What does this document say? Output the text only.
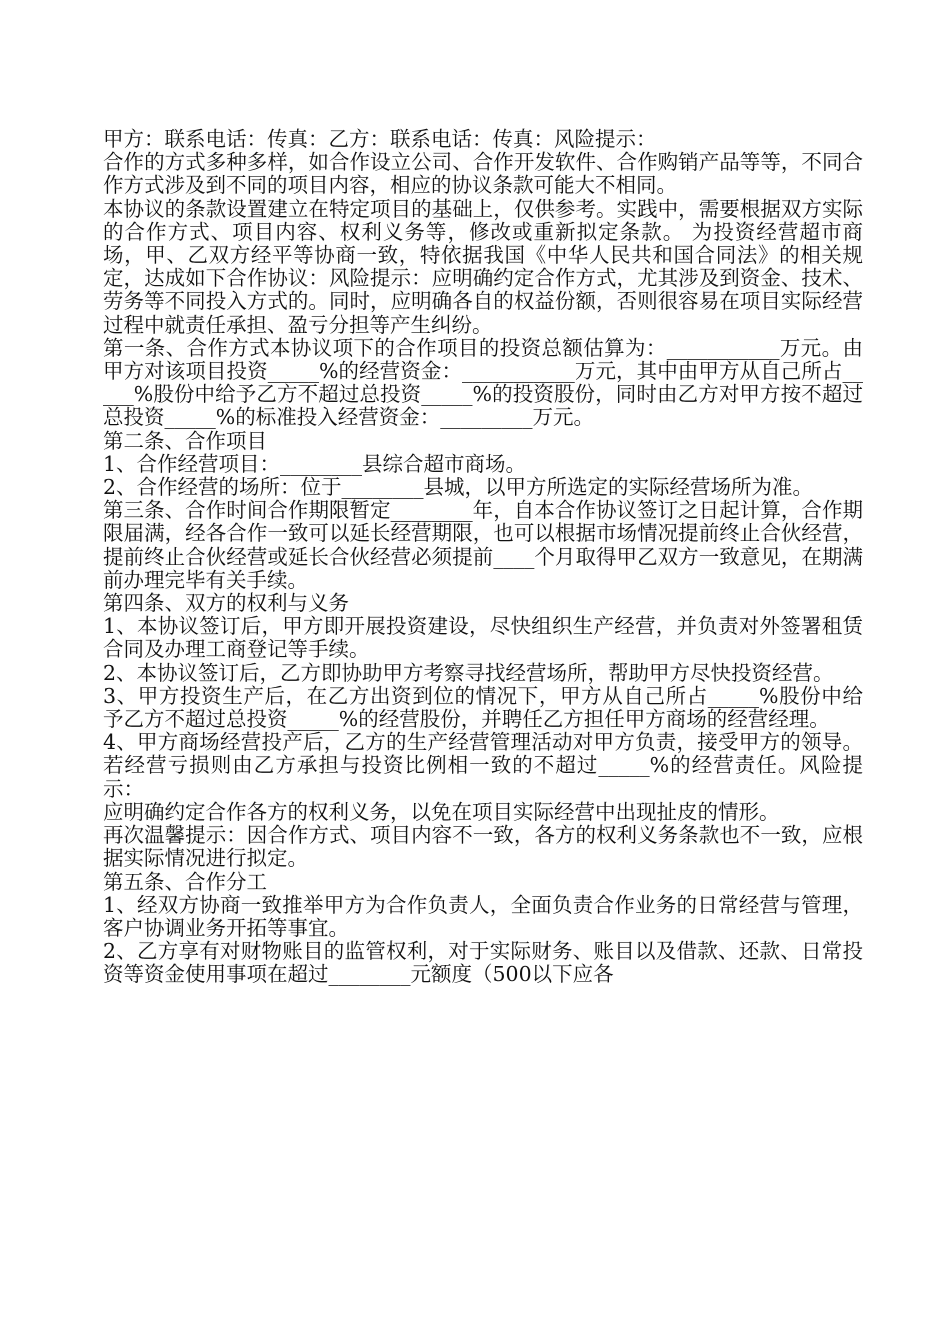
甲方：联系电话：传真：乙方：联系电话：传真：风险提示：

合作的方式多种多样，如合作设立公司、合作开发软件、合作购销产品等等，不同合作方式涉及到不同的项目内容，相应的协议条款可能大不相同。

本协议的条款设置建立在特定项目的基础上，仅供参考。实践中，需要根据双方实际的合作方式、项目内容、权利义务等，修改或重新拟定条款。 为投资经营超市商场，甲、乙双方经平等协商一致，特依据我国《中华人民共和国合同法》的相关规定，达成如下合作协议：风险提示：应明确约定合作方式，尤其涉及到资金、技术、劳务等不同投入方式的。同时，应明确各自的权益份额，否则很容易在项目实际经营过程中就责任承担、盈亏分担等产生纠纷。

第一条、合作方式本协议项下的合作项目的投资总额估算为：___________万元。由甲方对该项目投资_____%的经营资金：___________万元，其中由甲方从自己所占_____%股份中给予乙方不超过总投资_____%的投资股份，同时由乙方对甲方按不超过总投资_____%的标准投入经营资金：_________万元。

第二条、合作项目

1、合作经营项目：________县综合超市商场。

2、合作经营的场所：位于________县城，以甲方所选定的实际经营场所为准。

第三条、合作时间合作期限暂定________年，自本合作协议签订之日起计算，合作期限届满，经各合作一致可以延长经营期限，也可以根据市场情况提前终止合伙经营，提前终止合伙经营或延长合伙经营必须提前____个月取得甲乙双方一致意见，在期满前办理完毕有关手续。

第四条、双方的权利与义务

1、本协议签订后，甲方即开展投资建设，尽快组织生产经营，并负责对外签署租赁合同及办理工商登记等手续。

2、本协议签订后，乙方即协助甲方考察寻找经营场所，帮助甲方尽快投资经营。

3、甲方投资生产后，在乙方出资到位的情况下，甲方从自己所占_____%股份中给予乙方不超过总投资_____%的经营股份，并聘任乙方担任甲方商场的经营经理。

4、甲方商场经营投产后，乙方的生产经营管理活动对甲方负责，接受甲方的领导。若经营亏损则由乙方承担与投资比例相一致的不超过_____%的经营责任。风险提示：

应明确约定合作各方的权利义务，以免在项目实际经营中出现扯皮的情形。

再次温馨提示：因合作方式、项目内容不一致，各方的权利义务条款也不一致，应根据实际情况进行拟定。

第五条、合作分工

1、经双方协商一致推举甲方为合作负责人，全面负责合作业务的日常经营与管理，客户协调业务开拓等事宜。

2、乙方享有对财物账目的监管权利，对于实际财务、账目以及借款、还款、日常投资等资金使用事项在超过________元额度（500以下应各
